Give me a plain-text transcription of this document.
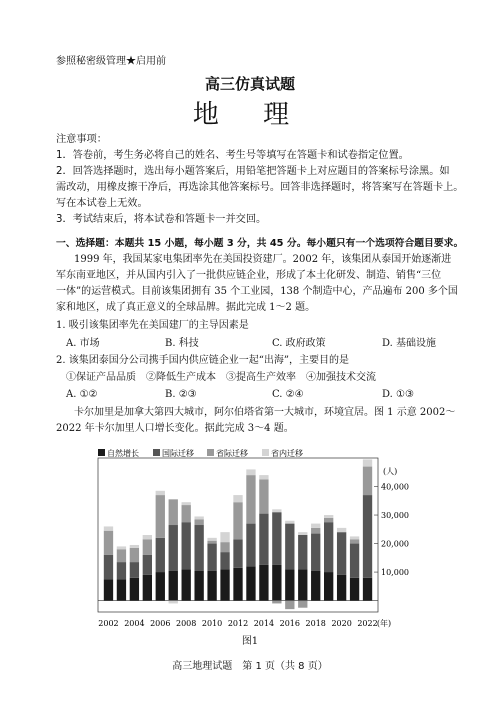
参照秘密级管理★启用前
高三仿真试题
地 理
注意事项：
1．答卷前，考生务必将自己的姓名、考生号等填写在答题卡和试卷指定位置。
2．回答选择题时，选出每小题答案后，用铅笔把答题卡上对应题目的答案标号涂黑。如
需改动，用橡皮擦干净后，再选涂其他答案标号。回答非选择题时，将答案写在答题卡上。
写在本试卷上无效。
3．考试结束后，将本试卷和答题卡一并交回。
一、选择题：本题共 15 小题，每小题 3 分，共 45 分。每小题只有一个选项符合题目要求。
1999 年，我国某家电集团率先在美国投资建厂。2002 年，该集团从泰国开始逐渐进
军东南亚地区，并从国内引入了一批供应链企业，形成了本土化研发、制造、销售“三位
一体”的运营模式。目前该集团拥有 35 个工业园，138 个制造中心，产品遍布 200 多个国
家和地区，成了真正意义的全球品牌。据此完成 1～2 题。
1. 吸引该集团率先在美国建厂的主导因素是
A. 市场	B. 科技	C. 政府政策	D. 基础设施
2. 该集团泰国分公司携手国内供应链企业一起“出海”，主要目的是
①保证产品品质　②降低生产成本　③提高生产效率　④加强技术交流
A. ①②	B. ②③	C. ②④	D. ①③
卡尔加里是加拿大第四大城市，阿尔伯塔省第一大城市，环境宜居。图 1 示意 2002～
2022 年卡尔加里人口增长变化。据此完成 3～4 题。
自然增长	国际迁移	省际迁移	省内迁移
10,000
20,000
30,000
40,000
(人)
2002 2004 2006 2008 2010 2012 2014 2016 2018 2020 2022 (年)
图1
高三地理试题　第 1 页（共 8 页）
